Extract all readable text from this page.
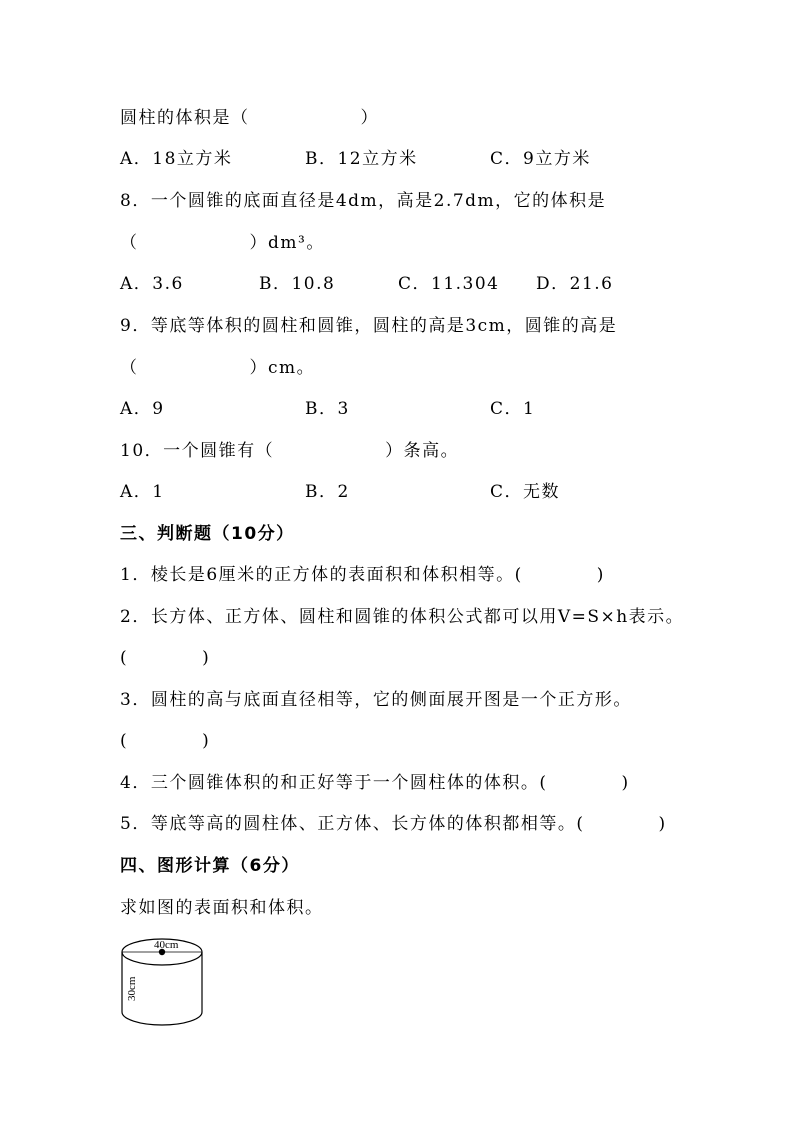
圆柱的体积是（　　　　　　）
A．18立方米	B．12立方米	C．9立方米
8．一个圆锥的底面直径是4dm，高是2.7dm，它的体积是
（　　　　　　）dm³。
A．3.6	B．10.8	C．11.304 D．21.6
9．等底等体积的圆柱和圆锥，圆柱的高是3cm，圆锥的高是
（　　　　　　）cm。
A．9	B．3	C．1
10．一个圆锥有（　　　　　　）条高。
A．1	B．2	C．无数
三、判断题（10分）
1．棱长是6厘米的正方体的表面积和体积相等。(　　　　)
2．长方体、正方体、圆柱和圆锥的体积公式都可以用V=S×h表示。
(　　　　)
3．圆柱的高与底面直径相等，它的侧面展开图是一个正方形。
(　　　　)
4．三个圆锥体积的和正好等于一个圆柱体的体积。(　　　　)
5．等底等高的圆柱体、正方体、长方体的体积都相等。(　　　　)
四、图形计算（6分）
求如图的表面积和体积。
40cm
30cm
